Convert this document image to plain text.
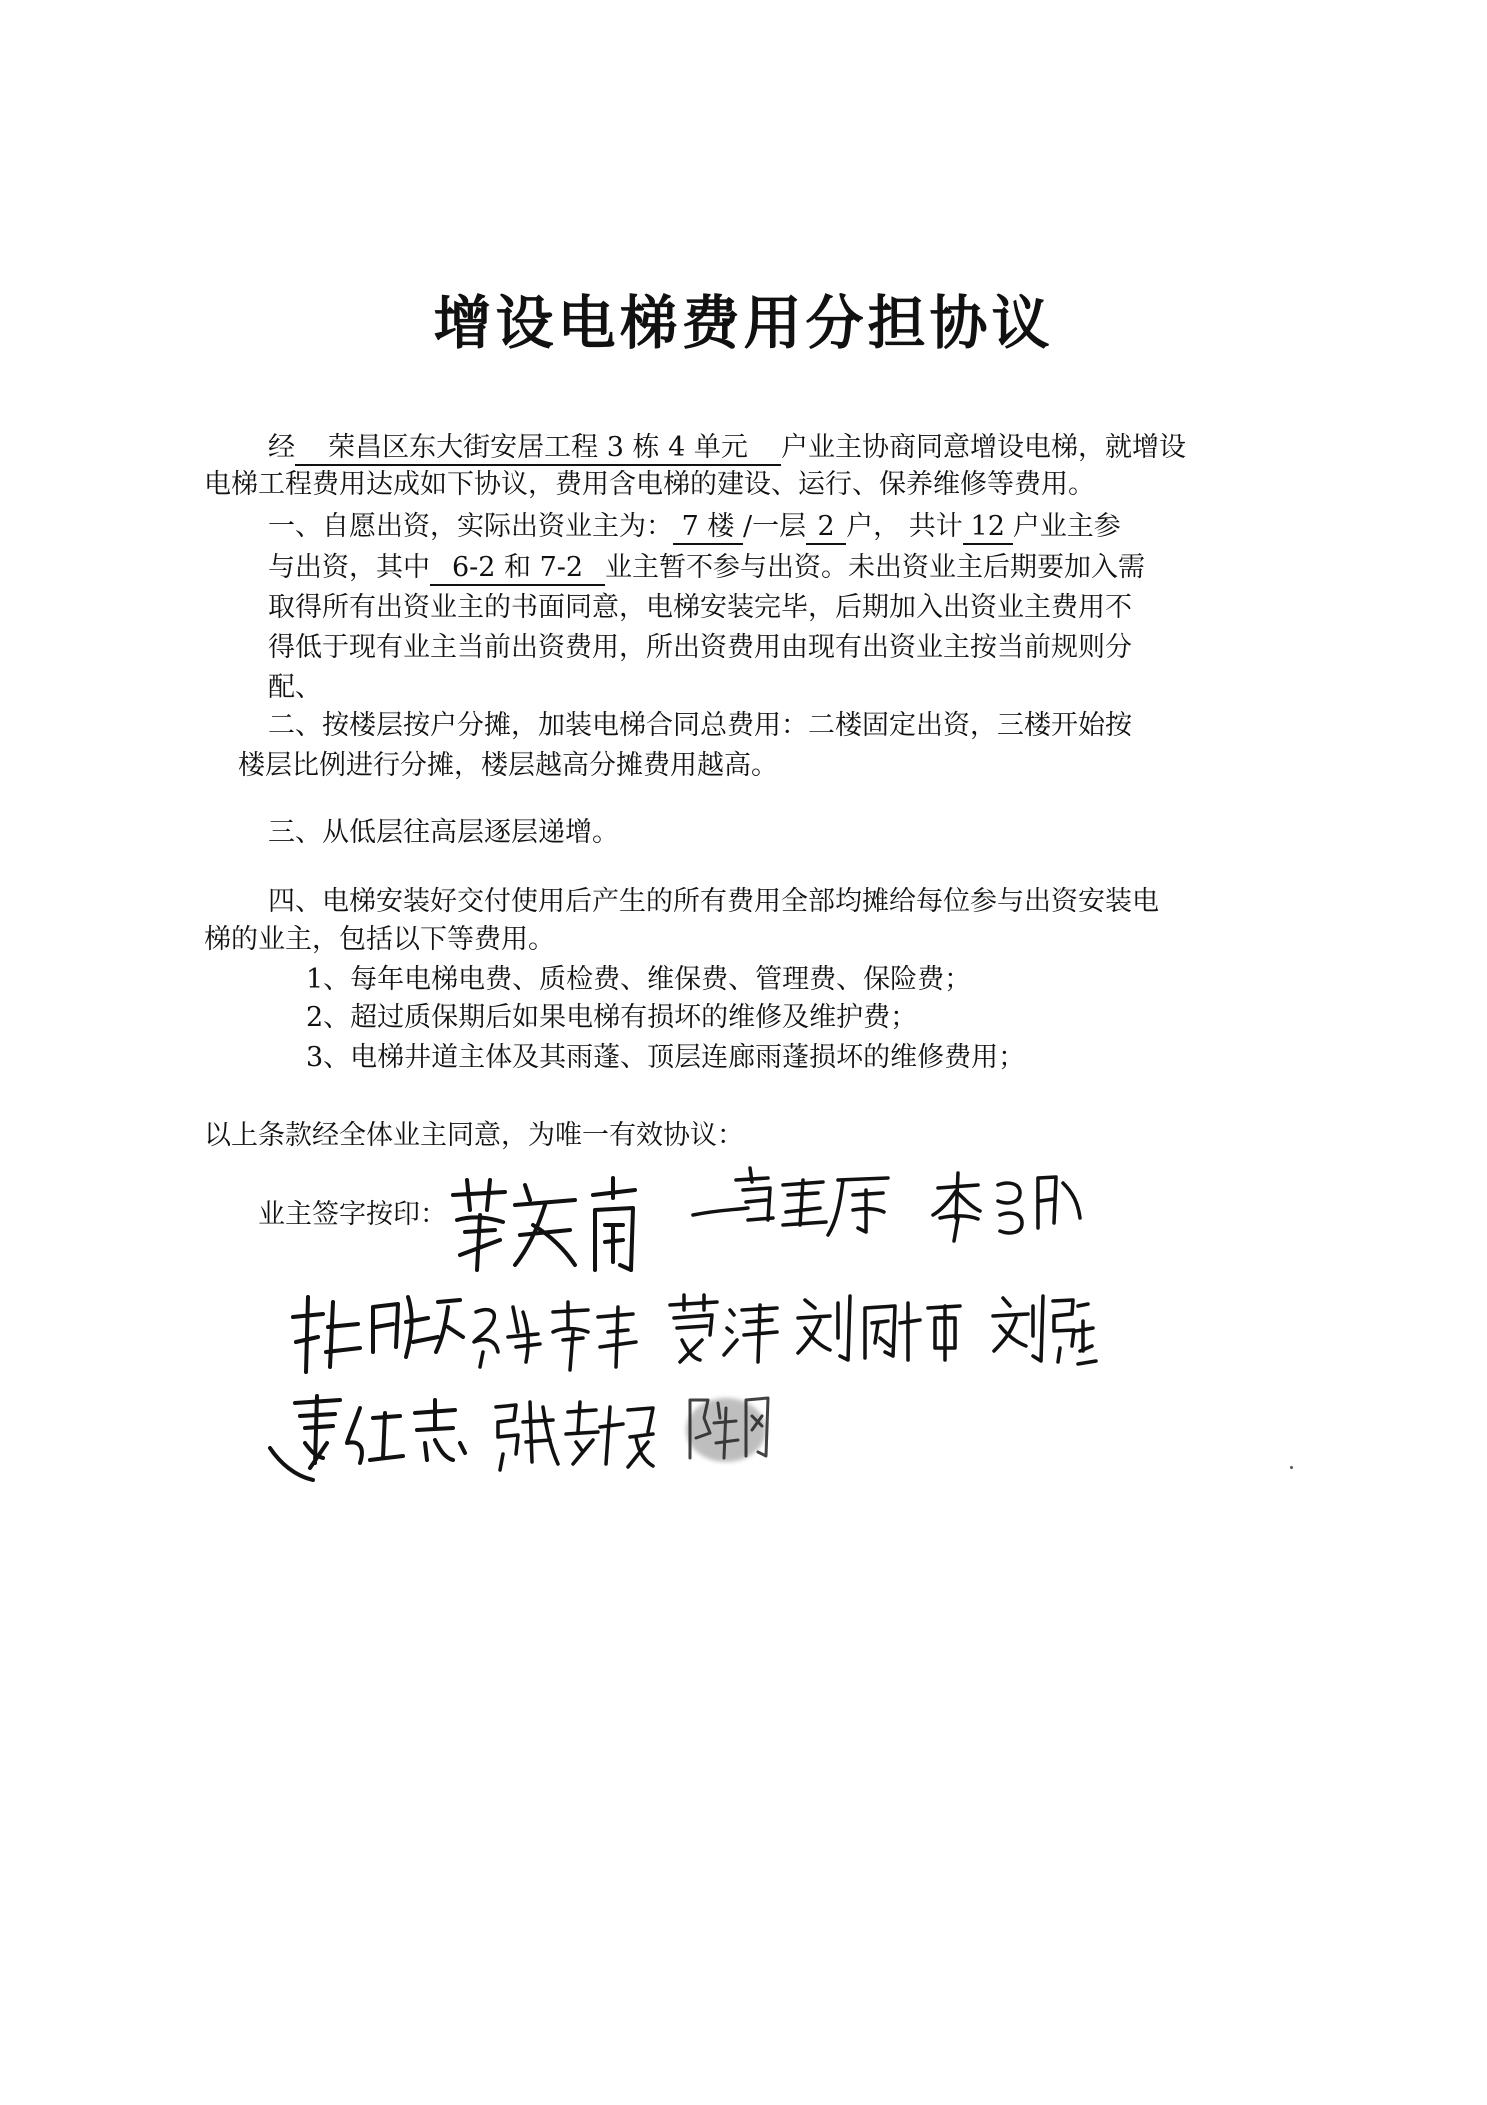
增设电梯费用分担协议
经 荣昌区东大街安居工程 3 栋 4 单元 户业主协商同意增设电梯，就增设
电梯工程费用达成如下协议，费用含电梯的建设、运行、保养维修等费用。
一、自愿出资，实际出资业主为： 7 楼 /一层 2 户， 共计 12 户业主参
与出资，其中 6-2 和 7-2 业主暂不参与出资。未出资业主后期要加入需
取得所有出资业主的书面同意，电梯安装完毕，后期加入出资业主费用不
得低于现有业主当前出资费用，所出资费用由现有出资业主按当前规则分
配、
二、按楼层按户分摊，加装电梯合同总费用：二楼固定出资，三楼开始按
楼层比例进行分摊，楼层越高分摊费用越高。
三、从低层往高层逐层递增。
四、电梯安装好交付使用后产生的所有费用全部均摊给每位参与出资安装电
梯的业主，包括以下等费用。
1、每年电梯电费、质检费、维保费、管理费、保险费；
2、超过质保期后如果电梯有损坏的维修及维护费；
3、电梯井道主体及其雨蓬、顶层连廊雨蓬损坏的维修费用；
以上条款经全体业主同意，为唯一有效协议：
业主签字按印：
